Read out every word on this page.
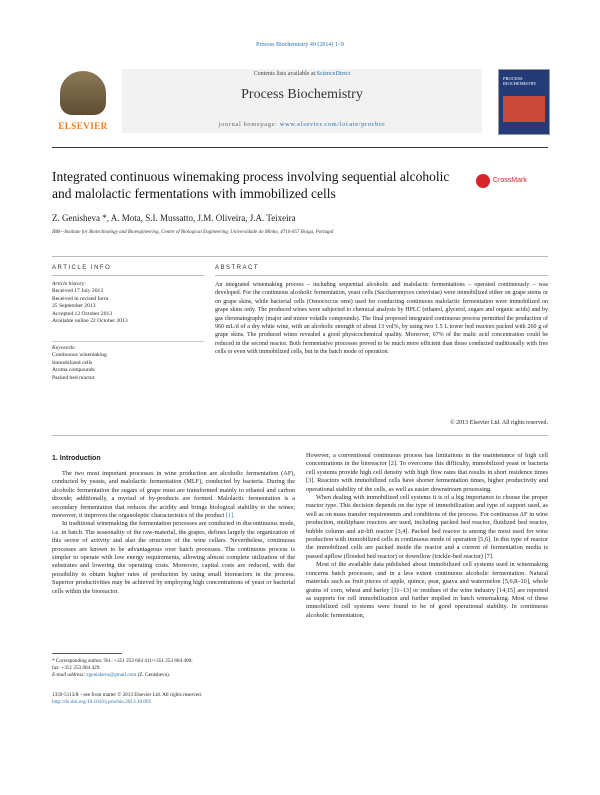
Process Biochemistry 49 (2014) 1–9
ELSEVIER
Contents lists available at ScienceDirect
Process Biochemistry
journal homepage: www.elsevier.com/locate/procbio
PROCESS BIOCHEMISTRY
Integrated continuous winemaking process involving sequential alcoholic and malolactic fermentations with immobilized cells
CrossMark
Z. Genisheva *, A. Mota, S.I. Mussatto, J.M. Oliveira, J.A. Teixeira
IBB—Institute for Biotechnology and Bioengineering, Centre of Biological Engineering, Universidade do Minho, 4710-057 Braga, Portugal
ARTICLE INFO	ABSTRACT
Article history:
Received 17 July 2013
Received in revised form
25 September 2013
Accepted 12 October 2013
Available online 22 October 2013
Keywords:
Continuous winemaking
Immobilized cells
Aroma compounds
Packed bed reactor
An integrated winemaking process – including sequential alcoholic and malolactic fermentations – operated continuously – was developed. For the continuous alcoholic fermentation, yeast cells (Saccharomyces cerevisiae) were immobilized either on grape stems or on grape skins, while bacterial cells (Oenococcus oeni) used for conducting continuous malolactic fermentation were immobilized on grape skins only. The produced wines were subjected to chemical analysis by HPLC (ethanol, glycerol, sugars and organic acids) and by gas chromatography (major and minor volatile compounds). The final proposed integrated continuous process permitted the production of 960 mL/d of a dry white wine, with an alcoholic strength of about 13 vol%, by using two 1.5 L tower bed reactors packed with 260 g of grape skins. The produced wines revealed a good physicochemical quality. Moreover, 67% of the malic acid concentration could be reduced in the second reactor. Both fermentative processes proved to be much more efficient than those conducted traditionally with free cells or even with immobilized cells, but in the batch mode of operation.
© 2013 Elsevier Ltd. All rights reserved.
1. Introduction

The two most important processes in wine production are alcoholic fermentation (AF), conducted by yeasts, and malolactic fermentation (MLF), conducted by bacteria. During the alcoholic fermentation the sugars of grape must are transformed mainly to ethanol and carbon dioxide; additionally, a myriad of by-products are formed. Malolactic fermentation is a secondary fermentation that reduces the acidity and brings biological stability to the wines; moreover, it improves the organoleptic characteristics of the product [1].

In traditional winemaking the fermentation processes are conducted in discontinuous mode, i.e. in batch. The seasonality of the raw-material, the grapes, defines largely the organization of this sector of activity and also the structure of the wine cellars. Nevertheless, continuous processes are known to be advantageous over batch processes. The continuous process is simpler to operate with low energy requirements, allowing almost complete utilization of the substrates and lowering the operating costs. Moreover, capital costs are reduced, with the possibility to obtain higher rates of production by using small bioreactors in the process. Superior productivities may be achieved by employing high concentrations of yeast or bacterial cells within the bioreactor.

However, a conventional continuous process has limitations in the maintenance of high cell concentrations in the bioreactor [2]. To overcome this difficulty, immobilized yeast or bacteria cell systems provide high cell density with high flow rates that results in short residence times [3]. Reactors with immobilized cells have shorter fermentation times, higher productivity and operational stability of the cells, as well as easier downstream processing.

When dealing with immobilized cell systems it is of a big importance to choose the proper reactor type. This decision depends on the type of immobilization and type of support used, as well as on mass transfer requirements and conditions of the process. For continuous AF in wine production, multiphase reactors are used, including packed bed reactor, fluidized bed reactor, bubble column and air-lift reactor [3,4]. Packed bed reactor is among the most used for wine production with immobilized cells in continuous mode of operation [5,6]. In this type of reactor the immobilized cells are packed inside the reactor and a current of fermentation media is passed upflow (flooded bed reactor) or downflow (trickle-bed reactor) [7].

Most of the available data published about immobilized cell systems used in winemaking concerns batch processes, and in a less extent continuous alcoholic fermentation. Natural materials such as fruit pieces of apple, quince, pear, guava and watermelon [5,6,8–10], whole grains of corn, wheat and barley [11–13] or residues of the wine industry [14,15] are reported as supports for cell immobilization and further implied in batch winemaking. Most of these immobilized cell systems were found to be of good operational stability. In continuous alcoholic fermentation,

* Corresponding author. Tel.: +351 253 604 411/+351 253 604 400;
fax: +351 253 604 429.
E-mail address: zgenisheva@gmail.com (Z. Genisheva).
1359-5113/$ – see front matter © 2013 Elsevier Ltd. All rights reserved.
http://dx.doi.org/10.1016/j.procbio.2013.10.005
